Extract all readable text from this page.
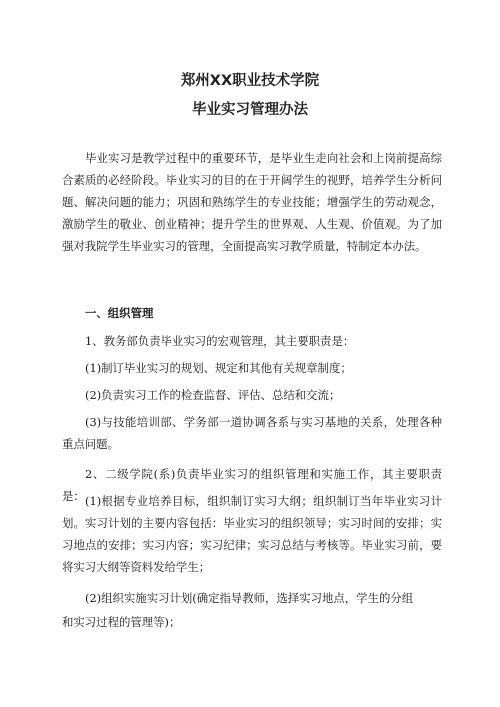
郑州XX职业技术学院
毕业实习管理办法

毕业实习是教学过程中的重要环节，是毕业生走向社会和上岗前提高综合素质的必经阶段。毕业实习的目的在于开阔学生的视野，培养学生分析问题、解决问题的能力；巩固和熟练学生的专业技能；增强学生的劳动观念，激励学生的敬业、创业精神；提升学生的世界观、人生观、价值观。为了加强对我院学生毕业实习的管理，全面提高实习教学质量，特制定本办法。

一、组织管理

1、教务部负责毕业实习的宏观管理，其主要职责是：

(1)制订毕业实习的规划、规定和其他有关规章制度；

(2)负责实习工作的检查监督、评估、总结和交流；

(3)与技能培训部、学务部一道协调各系与实习基地的关系，处理各种重点问题。

2、二级学院(系)负责毕业实习的组织管理和实施工作，其主要职责是： (1)根据专业培养目标，组织制订实习大纲；组织制订当年毕业实习计划。实习计划的主要内容包括：毕业实习的组织领导；实习时间的安排；实习地点的安排；实习内容；实习纪律；实习总结与考核等。毕业实习前，要将实习大纲等资料发给学生；

(2)组织实施实习计划(确定指导教师，选择实习地点，学生的分组

和实习过程的管理等)；
